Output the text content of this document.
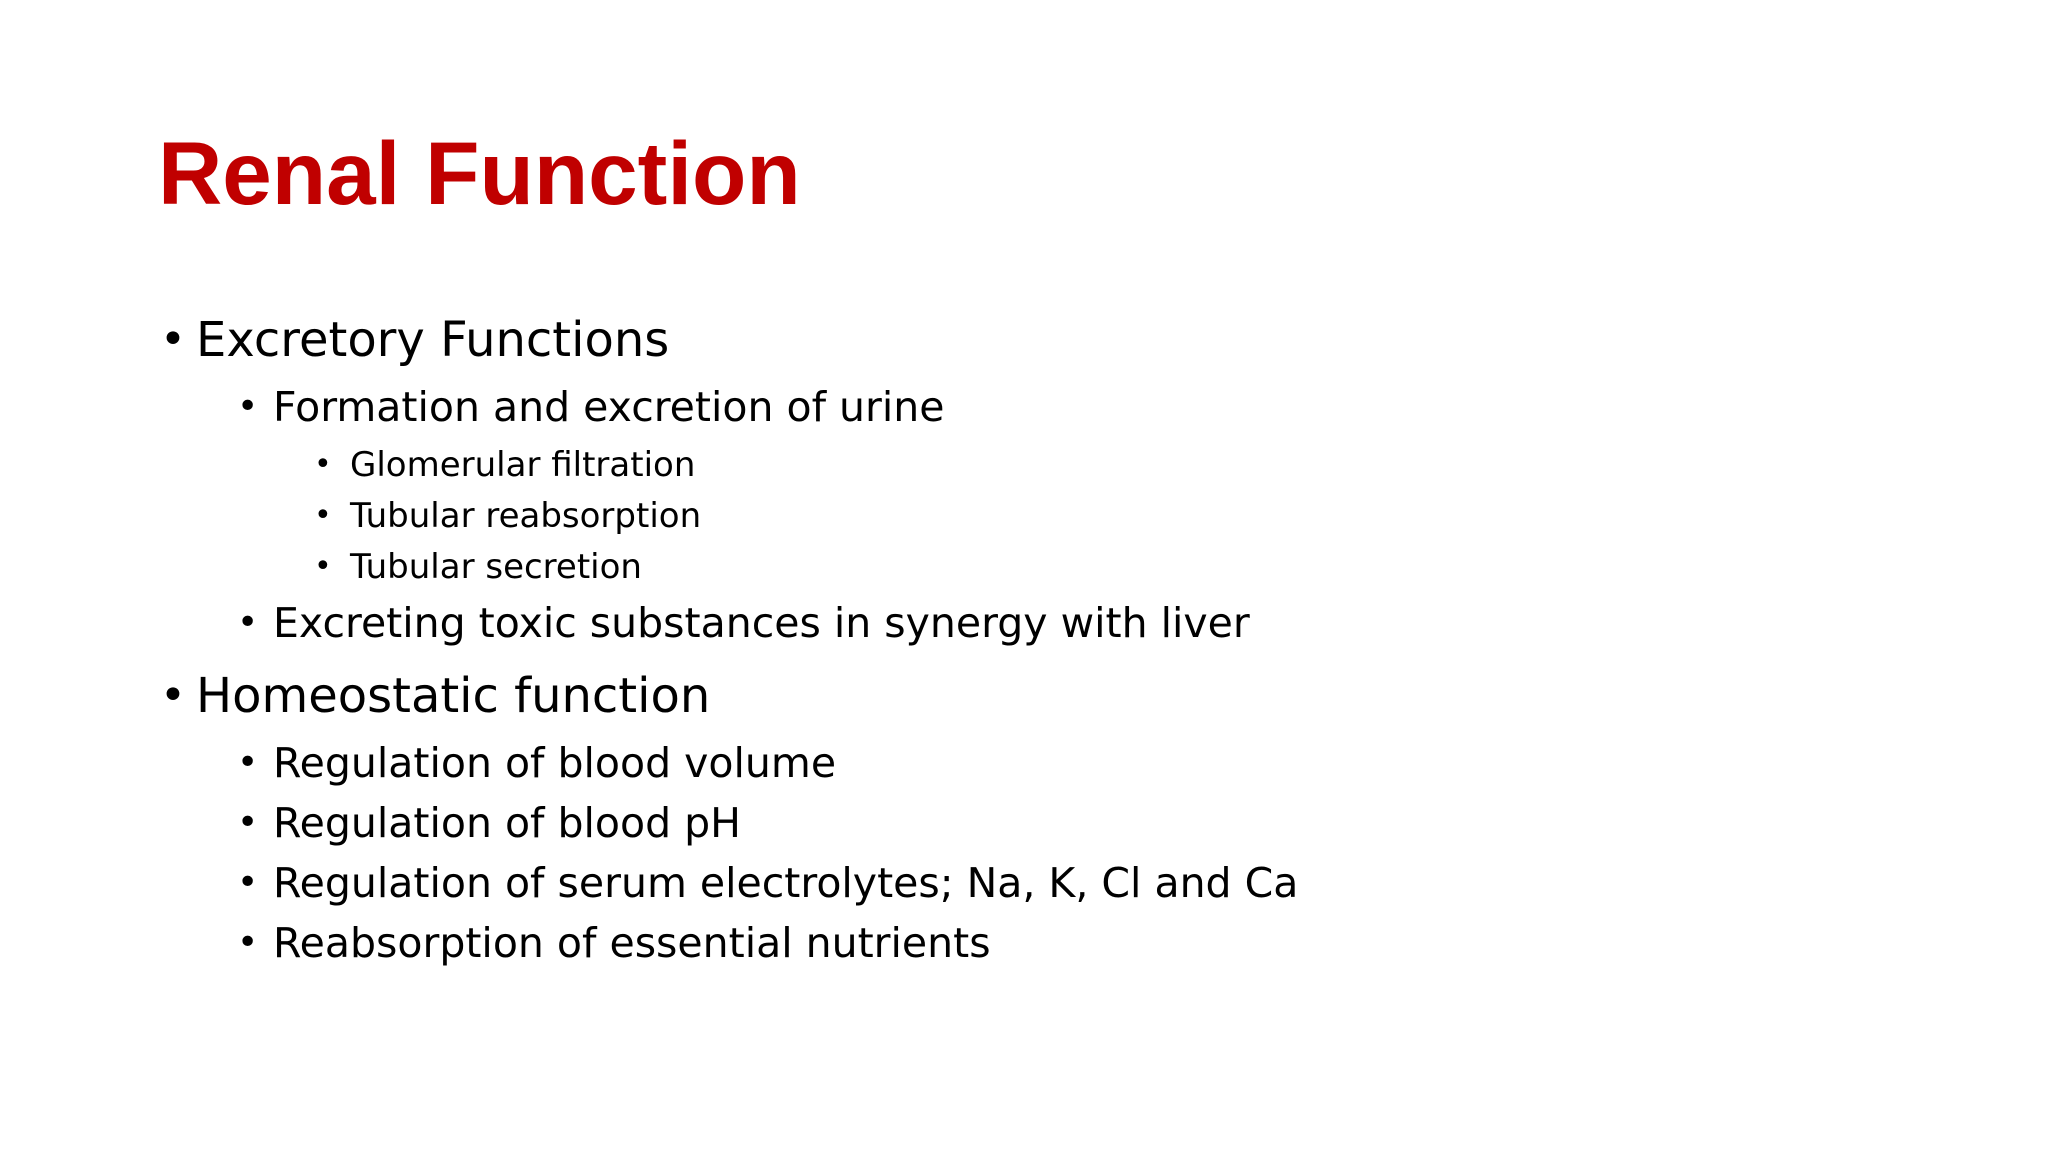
Renal Function
• Excretory Functions
• Formation and excretion of urine
• Glomerular filtration
• Tubular reabsorption
• Tubular secretion
• Excreting toxic substances in synergy with liver
• Homeostatic function
• Regulation of blood volume
• Regulation of blood pH
• Regulation of serum electrolytes; Na, K, Cl and Ca
• Reabsorption of essential nutrients
